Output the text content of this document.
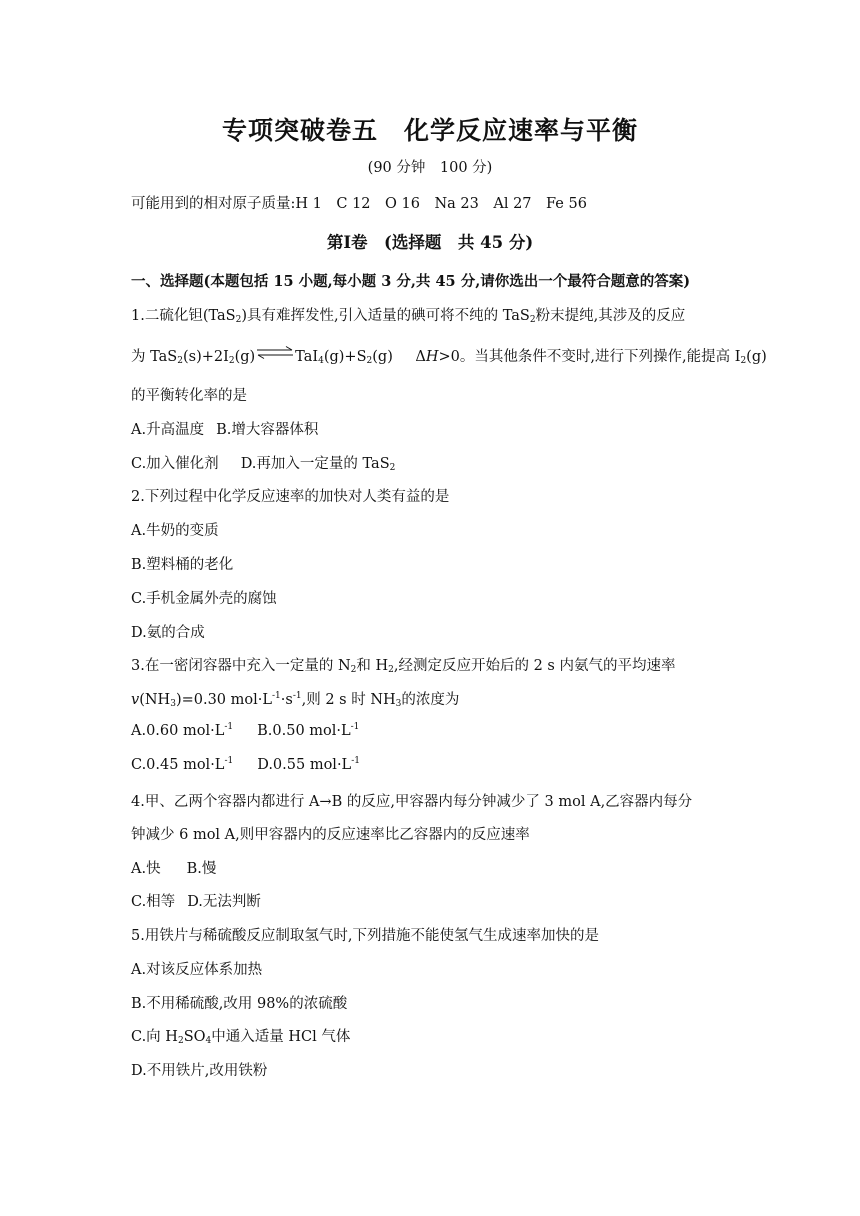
专项突破卷五　化学反应速率与平衡
(90 分钟　100 分)
可能用到的相对原子质量:H 1　C 12　O 16　Na 23　Al 27　Fe 56
第Ⅰ卷　(选择题　共 45 分)
一、选择题(本题包括 15 小题,每小题 3 分,共 45 分,请你选出一个最符合题意的答案)
1.二硫化钽(TaS$_2$)具有难挥发性,引入适量的碘可将不纯的 TaS$_2$粉末提纯,其涉及的反应
为 $TaS_2(s)+2I_2(g)\rightleftharpoons TaI_4(g)+S_2(g)$　ΔH>0。当其他条件不变时,进行下列操作,能提高 $I_2(g)$
的平衡转化率的是
A.升高温度 B.增大容器体积
C.加入催化剂 D.再加入一定量的 TaS$_2$
2.下列过程中化学反应速率的加快对人类有益的是
A.牛奶的变质
B.塑料桶的老化
C.手机金属外壳的腐蚀
D.氨的合成
3.在一密闭容器中充入一定量的 $N_2$和 $H_2$,经测定反应开始后的 2 s 内氨气的平均速率
$v(NH_3)=0.30$ $mol\cdot L^{-1}\cdot s^{-1}$,则 2 s 时 $NH_3$的浓度为
A.0.60 $mol\cdot L^{-1}$ B.0.50 $mol\cdot L^{-1}$
C.0.45 $mol\cdot L^{-1}$ D.0.55 $mol\cdot L^{-1}$
4.甲、乙两个容器内都进行 A→B 的反应,甲容器内每分钟减少了 3 mol A,乙容器内每分
钟减少 6 mol A,则甲容器内的反应速率比乙容器内的反应速率
A.快 B.慢
C.相等 D.无法判断
5.用铁片与稀硫酸反应制取氢气时,下列措施不能使氢气生成速率加快的是
A.对该反应体系加热
B.不用稀硫酸,改用 98%的浓硫酸
C.向 $H_2SO_4$中通入适量 HCl 气体
D.不用铁片,改用铁粉
